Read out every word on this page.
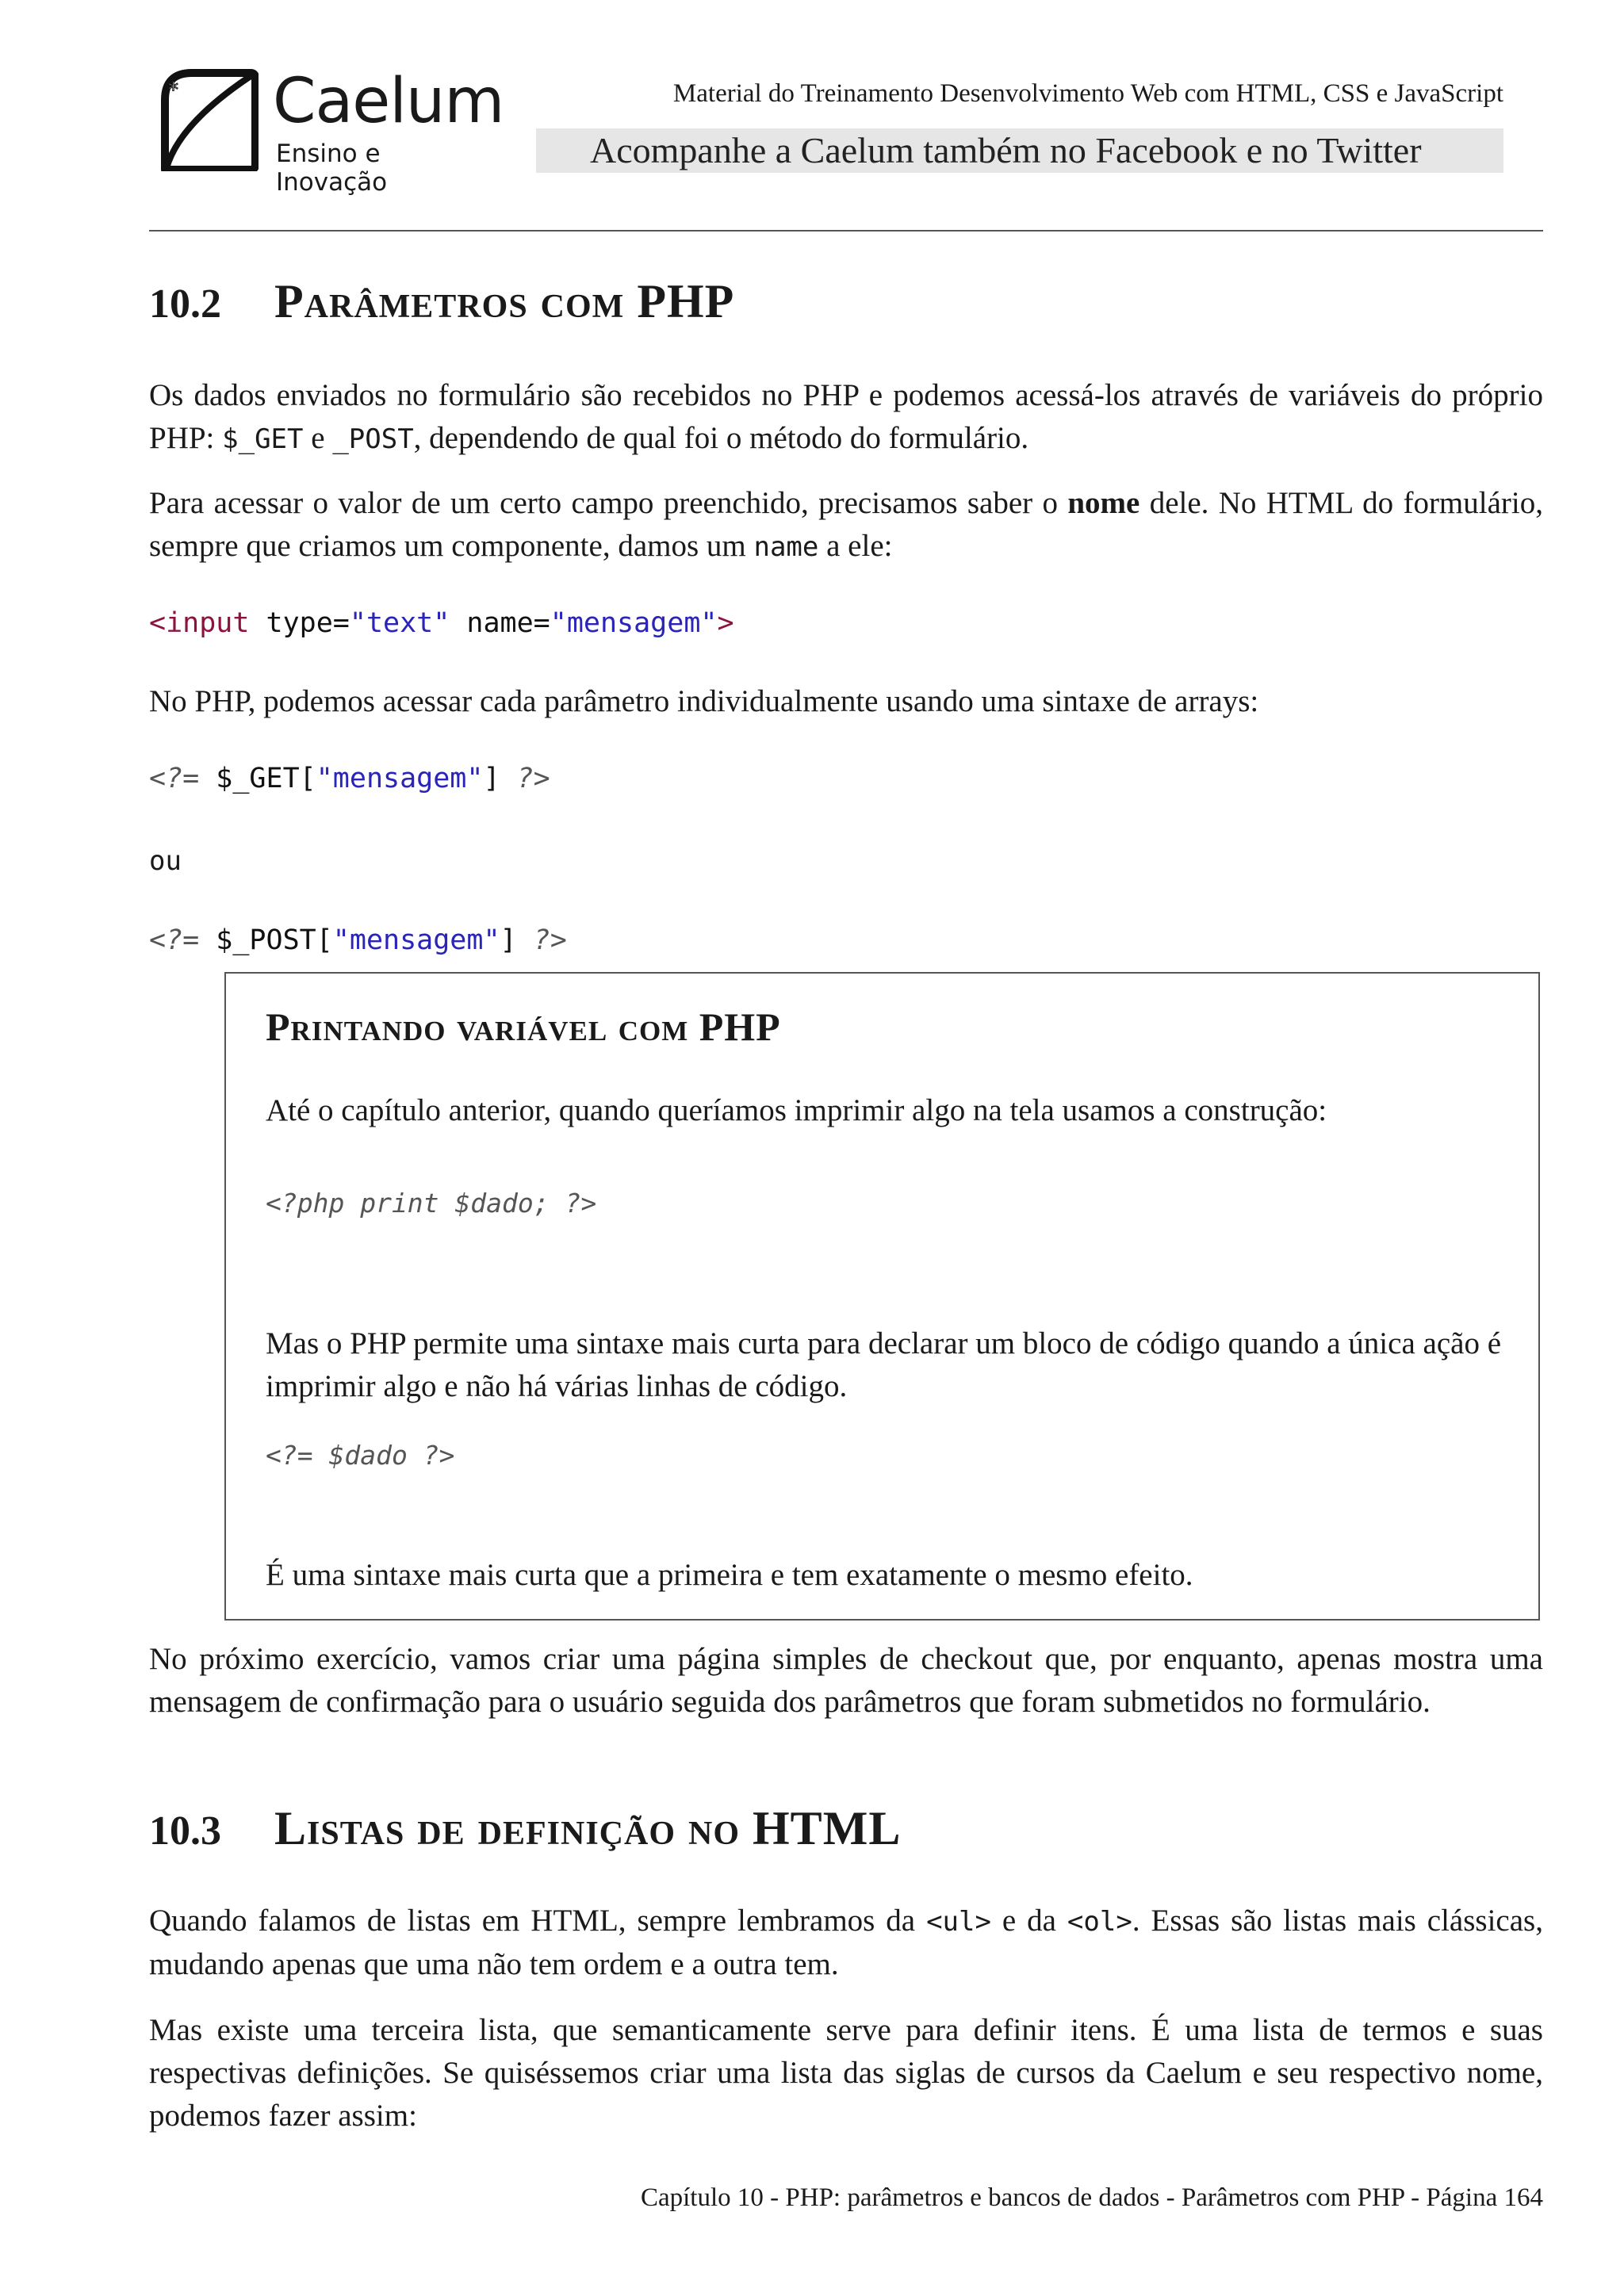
* Caelum
Ensino e Inovação
Material do Treinamento Desenvolvimento Web com HTML, CSS e JavaScript
Acompanhe a Caelum também no Facebook e no Twitter
10.2 Parâmetros com PHP
Os dados enviados no formulário são recebidos no PHP e podemos acessá-los através de variáveis do próprio PHP: $_GET e _POST, dependendo de qual foi o método do formulário.
Para acessar o valor de um certo campo preenchido, precisamos saber o nome dele. No HTML do formulário, sempre que criamos um componente, damos um name a ele:
<input type="text" name="mensagem">
No PHP, podemos acessar cada parâmetro individualmente usando uma sintaxe de arrays:
<?= $_GET["mensagem"] ?>
ou
<?= $_POST["mensagem"] ?>
Printando variável com PHP
Até o capítulo anterior, quando queríamos imprimir algo na tela usamos a construção:
<?php print $dado; ?>
Mas o PHP permite uma sintaxe mais curta para declarar um bloco de código quando a única ação é imprimir algo e não há várias linhas de código.
<?= $dado ?>
É uma sintaxe mais curta que a primeira e tem exatamente o mesmo efeito.
No próximo exercício, vamos criar uma página simples de checkout que, por enquanto, apenas mostra uma mensagem de confirmação para o usuário seguida dos parâmetros que foram submetidos no formulário.
10.3 Listas de definição no HTML
Quando falamos de listas em HTML, sempre lembramos da <ul> e da <ol>. Essas são listas mais clássicas, mudando apenas que uma não tem ordem e a outra tem.
Mas existe uma terceira lista, que semanticamente serve para definir itens. É uma lista de termos e suas respectivas definições. Se quiséssemos criar uma lista das siglas de cursos da Caelum e seu respectivo nome, podemos fazer assim:
Capítulo 10 - PHP: parâmetros e bancos de dados - Parâmetros com PHP - Página 164
